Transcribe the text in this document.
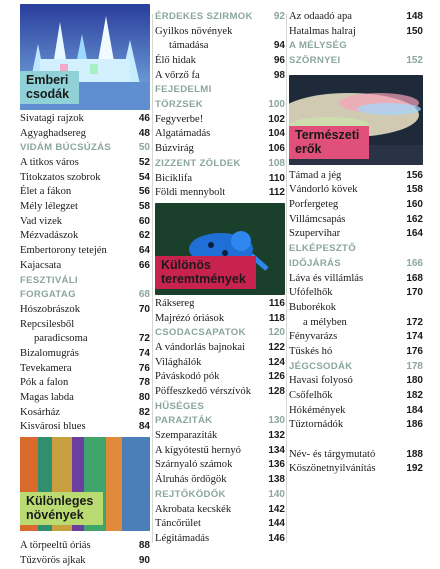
Emberi
csodák
Sivatagi rajzok	46
Agyaghadsereg	48
VIDÁM BÚCSÚZÁS	50
A titkos város	52
Titokzatos szobrok	54
Élet a fákon	56
Mély lélegzet	58
Vad vizek	60
Mézvadászok	62
Embertorony tetején	64
Kajacsata	66
FESZTIVÁLI
FORGATAG	68
Hószobrászok	70
Repcsilesből
paradicsoma	72
Bizalomugrás	74
Tevekamera	76
Pók a falon	78
Magas labda	80
Kosárház	82
Kisvárosi blues	84
Különleges
növények
A törpeeltű óriás	88
Tűzvörös ajkak	90
ÉRDEKES SZIRMOK 92
Gyilkos növények
támadása	94
Élő hidak	96
A vőrző fa	98
FEJEDELMI
TÖRZSEK	100
Fegyverbe!	102
Algatámadás	104
Búzvirág	106
ZIZZENT ZÖLDEK	108
Biciklifa	110
Földi mennybolt	112
Különös
teremtmények
Ráksereg	116
Majrézó óriások	118
CSODACSAPATOK 120
A vándorlás bajnokai 122
Világhálók	124
Páváskodó pók	126
Pöffeszkedő vérszívók 128
HŰSÉGES
PARAZITÁK	130
Szemparaziták	132
A kígyótestű hernyó	134
Szárnyaló számok	136
Álruhás ördögök	138
REJTŐKÖDŐK	140
Akrobata kecskék	142
Táncőrület	144
Légitámadás	146
Az odaadó apa	148
Hatalmas halraj	150
A MÉLYSÉG
SZÖRNYEI	152
Természeti
erők
Támad a jég	156
Vándorló kövek	158
Porfergeteg	160
Villámcsapás	162
Szupervihar	164
ELKÉPESZTŐ
IDŐJÁRÁS	166
Láva és villámlás	168
Ufófelhők	170
Buborékok
a mélyben	172
Fényvarázs	174
Tüskés hó	176
JÉGCSODÁK	178
Havasi folyosó	180
Csőfelhők	182
Hókémények	184
Tűztornádók	186
Név- és tárgymutató	188
Köszönetnyilvánítás	192
